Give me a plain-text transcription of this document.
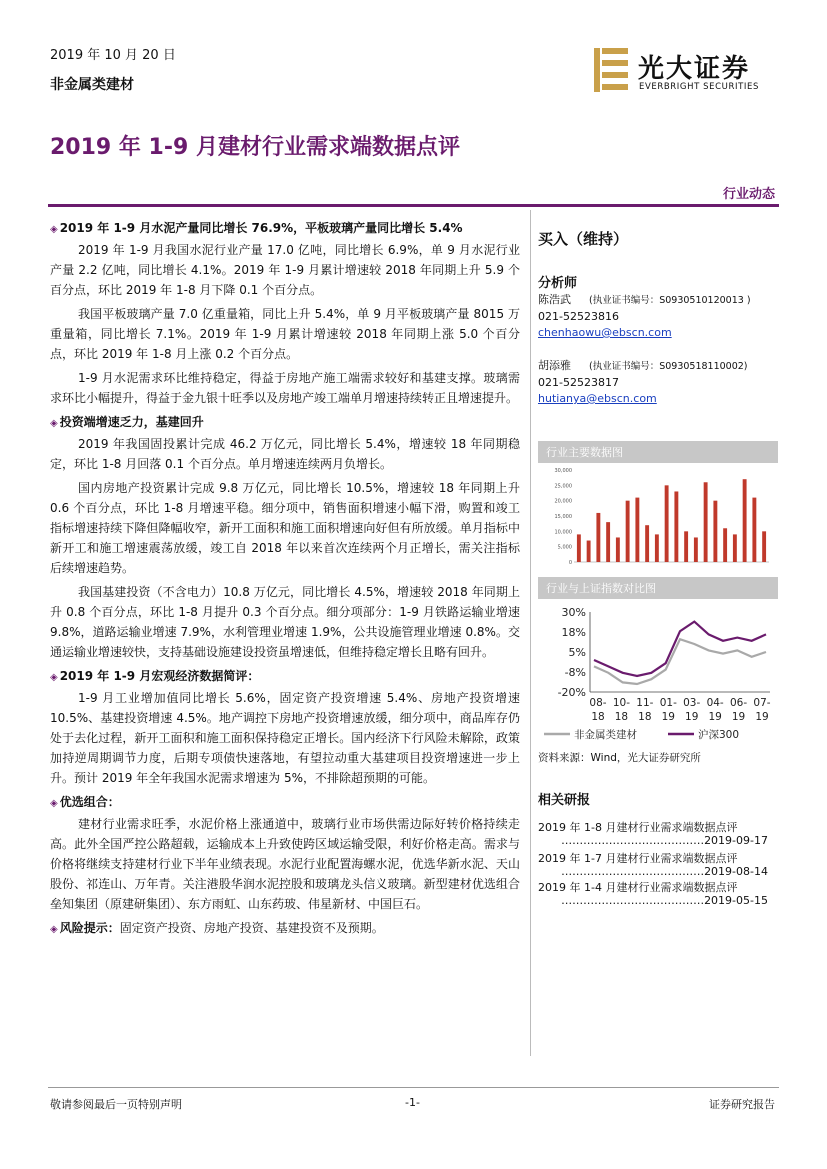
2019 年 10 月 20 日
非金属类建材
光大证券
EVERBRIGHT SECURITIES
2019 年 1-9 月建材行业需求端数据点评
行业动态

◈ 2019 年 1-9 月水泥产量同比增长 76.9%，平板玻璃产量同比增长 5.4%

2019 年 1-9 月我国水泥行业产量 17.0 亿吨，同比增长 6.9%，单 9 月水泥行业产量 2.2 亿吨，同比增长 4.1%。2019 年 1-9 月累计增速较 2018 年同期上升 5.9 个百分点，环比 2019 年 1-8 月下降 0.1 个百分点。

我国平板玻璃产量 7.0 亿重量箱，同比上升 5.4%，单 9 月平板玻璃产量 8015 万重量箱，同比增长 7.1%。2019 年 1-9 月累计增速较 2018 年同期上涨 5.0 个百分点，环比 2019 年 1-8 月上涨 0.2 个百分点。

1-9 月水泥需求环比维持稳定，得益于房地产施工端需求较好和基建支撑。玻璃需求环比小幅提升，得益于金九银十旺季以及房地产竣工端单月增速持续转正且增速提升。

◈ 投资端增速乏力，基建回升

2019 年我国固投累计完成 46.2 万亿元，同比增长 5.4%，增速较 18 年同期稳定，环比 1-8 月回落 0.1 个百分点。单月增速连续两月负增长。

国内房地产投资累计完成 9.8 万亿元，同比增长 10.5%，增速较 18 年同期上升 0.6 个百分点，环比 1-8 月增速平稳。细分项中，销售面积增速小幅下滑，购置和竣工指标增速持续下降但降幅收窄，新开工面积和施工面积增速向好但有所放缓。单月指标中新开工和施工增速震荡放缓，竣工自 2018 年以来首次连续两个月正增长，需关注指标后续增速趋势。

我国基建投资（不含电力）10.8 万亿元，同比增长 4.5%，增速较 2018 年同期上升 0.8 个百分点，环比 1-8 月提升 0.3 个百分点。细分项部分：1-9 月铁路运输业增速 9.8%，道路运输业增速 7.9%，水利管理业增速 1.9%，公共设施管理业增速 0.8%。交通运输业增速较快，支持基础设施建设投资虽增速低，但维持稳定增长且略有回升。

◈ 2019 年 1-9 月宏观经济数据简评：

1-9 月工业增加值同比增长 5.6%，固定资产投资增速 5.4%、房地产投资增速 10.5%、基建投资增速 4.5%。地产调控下房地产投资增速放缓，细分项中，商品库存仍处于去化过程，新开工面积和施工面积保持稳定正增长。国内经济下行风险未解除，政策加持逆周期调节力度，后期专项债快速落地，有望拉动重大基建项目投资增速进一步上升。预计 2019 年全年我国水泥需求增速为 5%，不排除超预期的可能。

◈ 优选组合：

建材行业需求旺季，水泥价格上涨通道中，玻璃行业市场供需边际好转价格持续走高。此外全国严控公路超载，运输成本上升致使跨区域运输受限，利好价格走高。需求与价格将继续支持建材行业下半年业绩表现。水泥行业配置海螺水泥，优选华新水泥、天山股份、祁连山、万年青。关注港股华润水泥控股和玻璃龙头信义玻璃。新型建材优选组合垒知集团（原建研集团）、东方雨虹、山东药玻、伟星新材、中国巨石。

◈ 风险提示：固定资产投资、房地产投资、基建投资不及预期。

买入（维持）
分析师
陈浩武 (执业证书编号：S0930510120013 )
021-52523816
chenhaowu@ebscn.com
胡添雅 (执业证书编号：S0930518110002)
021-52523817
hutianya@ebscn.com
行业主要数据图
30,000
25,000
20,000
15,000
10,000
5,000
0
行业与上证指数对比图
30%
18%
5%
-8%
-20%
08-
18
10-
18
11-
18
01-
19
03-
19
04-
19
06-
19
07-
19
非金属类建材	沪深300
资料来源：Wind，光大证券研究所
相关研报
2019 年 1-8 月建材行业需求端数据点评
…………………………………2019-09-17
2019 年 1-7 月建材行业需求端数据点评
…………………………………2019-08-14
2019 年 1-4 月建材行业需求端数据点评
…………………………………2019-05-15
敬请参阅最后一页特别声明	-1-	证券研究报告
